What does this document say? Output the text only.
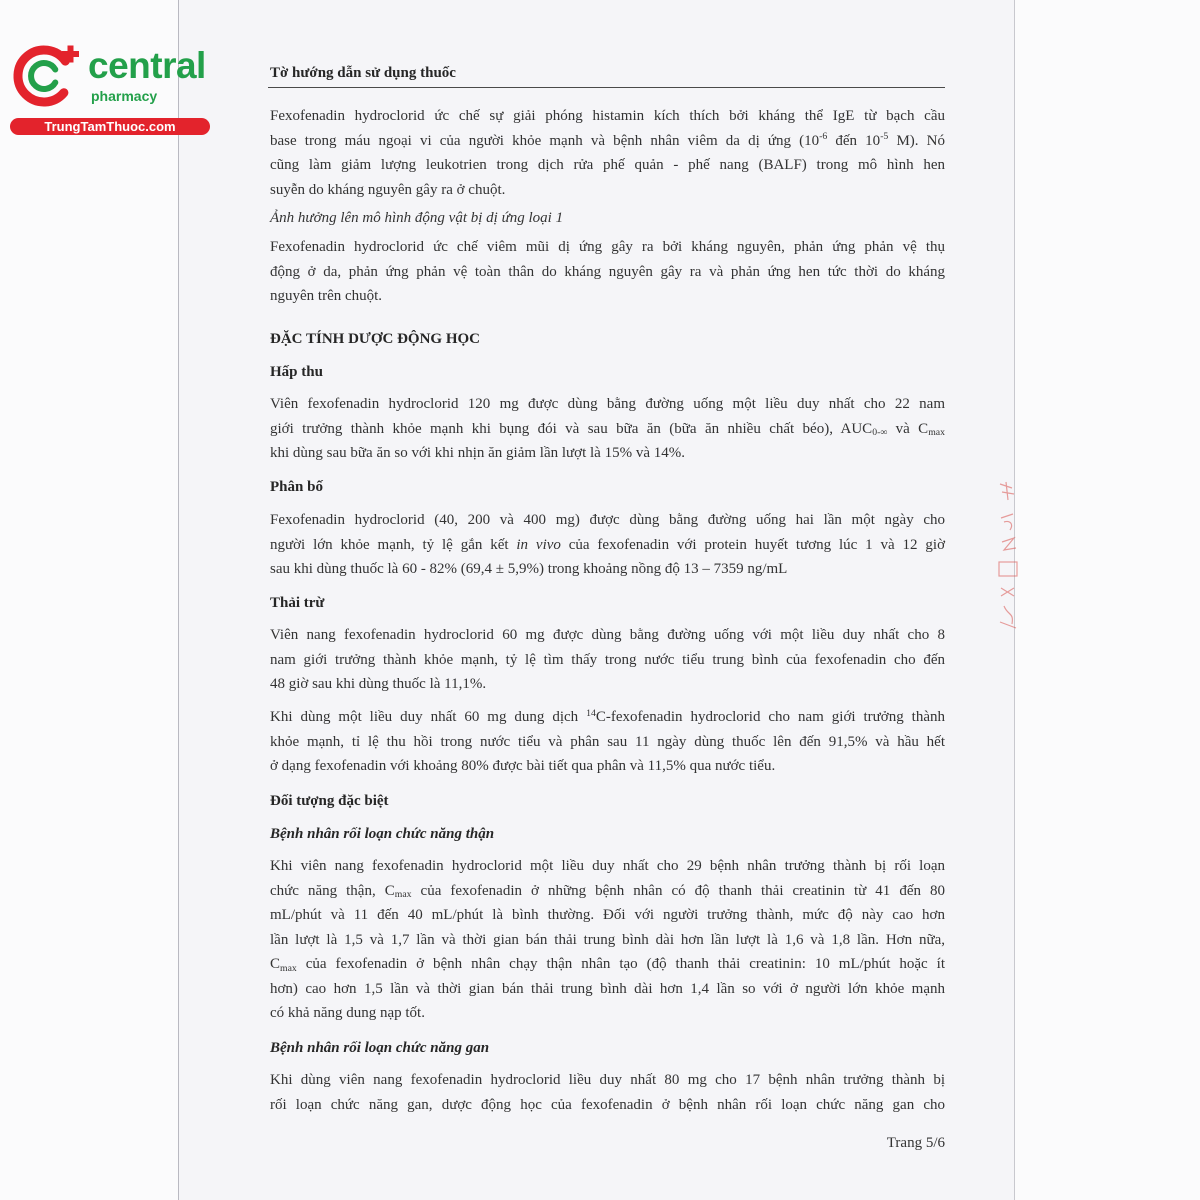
central
pharmacy
TrungTamThuoc.com
Tờ hướng dẫn sử dụng thuốc
Fexofenadin hydroclorid ức chế sự giải phóng histamin kích thích bởi kháng thể IgE từ bạch cầu
base trong máu ngoại vi của người khỏe mạnh và bệnh nhân viêm da dị ứng ($10^{-6}$ đến $10^{-5}$ M). Nó
cũng làm giảm lượng leukotrien trong dịch rửa phế quản - phế nang (BALF) trong mô hình hen
suyễn do kháng nguyên gây ra ở chuột.
Ảnh hưởng lên mô hình động vật bị dị ứng loại 1
Fexofenadin hydroclorid ức chế viêm mũi dị ứng gây ra bởi kháng nguyên, phản ứng phản vệ thụ
động ở da, phản ứng phản vệ toàn thân do kháng nguyên gây ra và phản ứng hen tức thời do kháng
nguyên trên chuột.
ĐẶC TÍNH DƯỢC ĐỘNG HỌC
Hấp thu
Viên fexofenadin hydroclorid 120 mg được dùng bằng đường uống một liều duy nhất cho 22 nam
giới trưởng thành khỏe mạnh khi bụng đói và sau bữa ăn (bữa ăn nhiều chất béo), AUC0-∞ và Cmax
khi dùng sau bữa ăn so với khi nhịn ăn giảm lần lượt là 15% và 14%.
Phân bố
Fexofenadin hydroclorid (40, 200 và 400 mg) được dùng bằng đường uống hai lần một ngày cho
người lớn khỏe mạnh, tỷ lệ gắn kết in vivo của fexofenadin với protein huyết tương lúc 1 và 12 giờ
sau khi dùng thuốc là 60 - 82% (69,4 ± 5,9%) trong khoảng nồng độ 13 – 7359 ng/mL
Thải trừ
Viên nang fexofenadin hydroclorid 60 mg được dùng bằng đường uống với một liều duy nhất cho 8
nam giới trưởng thành khỏe mạnh, tỷ lệ tìm thấy trong nước tiểu trung bình của fexofenadin cho đến
48 giờ sau khi dùng thuốc là 11,1%.
Khi dùng một liều duy nhất 60 mg dung dịch $^{14}$C-fexofenadin hydroclorid cho nam giới trưởng thành
khỏe mạnh, tỉ lệ thu hồi trong nước tiểu và phân sau 11 ngày dùng thuốc lên đến 91,5% và hầu hết
ở dạng fexofenadin với khoảng 80% được bài tiết qua phân và 11,5% qua nước tiểu.
Đối tượng đặc biệt
Bệnh nhân rối loạn chức năng thận
Khi viên nang fexofenadin hydroclorid một liều duy nhất cho 29 bệnh nhân trưởng thành bị rối loạn
chức năng thận, Cmax của fexofenadin ở những bệnh nhân có độ thanh thải creatinin từ 41 đến 80
mL/phút và 11 đến 40 mL/phút là bình thường. Đối với người trưởng thành, mức độ này cao hơn
lần lượt là 1,5 và 1,7 lần và thời gian bán thải trung bình dài hơn lần lượt là 1,6 và 1,8 lần. Hơn nữa,
Cmax của fexofenadin ở bệnh nhân chạy thận nhân tạo (độ thanh thải creatinin: 10 mL/phút hoặc ít
hơn) cao hơn 1,5 lần và thời gian bán thải trung bình dài hơn 1,4 lần so với ở người lớn khỏe mạnh
có khả năng dung nạp tốt.
Bệnh nhân rối loạn chức năng gan
Khi dùng viên nang fexofenadin hydroclorid liều duy nhất 80 mg cho 17 bệnh nhân trưởng thành bị
rối loạn chức năng gan, dược động học của fexofenadin ở bệnh nhân rối loạn chức năng gan cho
Trang 5/6
